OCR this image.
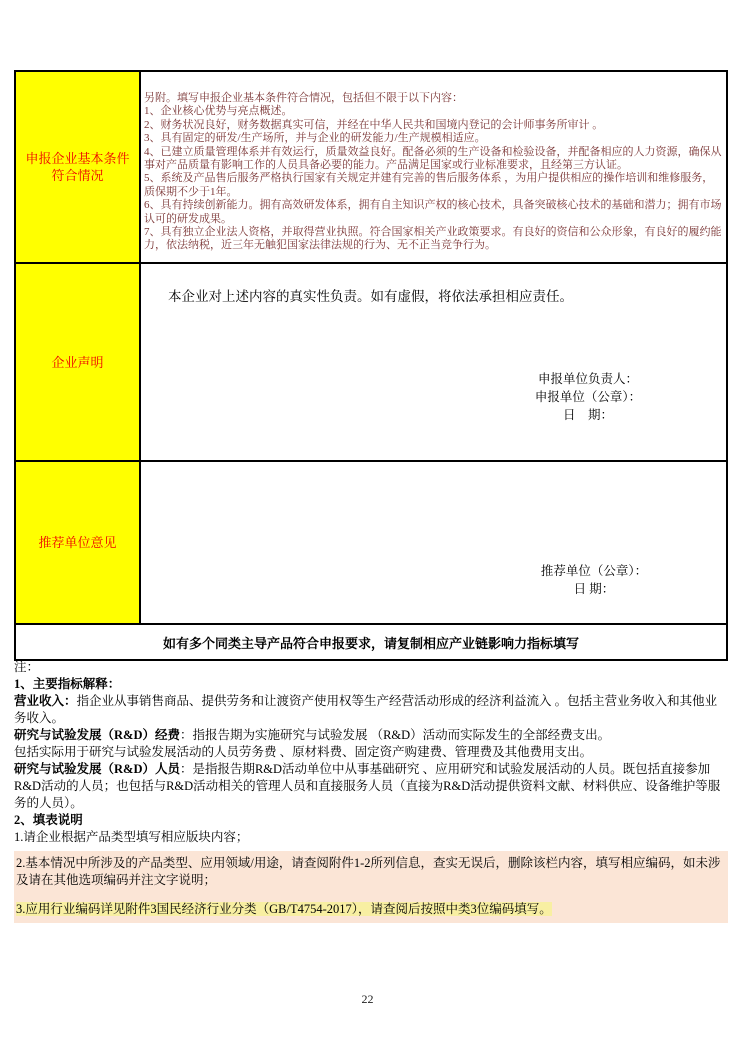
申报企业基本条件符合情况

另附。填写申报企业基本条件符合情况，包括但不限于以下内容：

1、企业核心优势与亮点概述。

2、财务状况良好，财务数据真实可信，并经在中华人民共和国境内登记的会计师事务所审计 。

3、具有固定的研发/生产场所，并与企业的研发能力/生产规模相适应。

4、已建立质量管理体系并有效运行，质量效益良好。配备必须的生产设备和检验设备，并配备相应的人力资源，确保从事对产品质量有影响工作的人员具备必要的能力。产品满足国家或行业标准要求，且经第三方认证。

5、系统及产品售后服务严格执行国家有关规定并建有完善的售后服务体系 ，为用户提供相应的操作培训和维修服务，质保期不少于1年。

6、具有持续创新能力。拥有高效研发体系，拥有自主知识产权的核心技术，具备突破核心技术的基础和潜力；拥有市场认可的研发成果。

7、具有独立企业法人资格，并取得营业执照。符合国家相关产业政策要求。有良好的资信和公众形象，有良好的履约能力，依法纳税，近三年无触犯国家法律法规的行为、无不正当竞争行为。

企业声明

本企业对上述内容的真实性负责。如有虚假，将依法承担相应责任。

申报单位负责人：

申报单位（公章）：

日　期：

推荐单位意见

推荐单位（公章）：

日 期：

如有多个同类主导产品符合申报要求，请复制相应产业链影响力指标填写

注：

1、主要指标解释：

营业收入：指企业从事销售商品、提供劳务和让渡资产使用权等生产经营活动形成的经济利益流入 。包括主营业务收入和其他业务收入。

研究与试验发展（R&D）经费：指报告期为实施研究与试验发展 （R&D）活动而实际发生的全部经费支出。

包括实际用于研究与试验发展活动的人员劳务费 、原材料费、固定资产购建费、管理费及其他费用支出。

研究与试验发展（R&D）人员：是指报告期R&D活动单位中从事基础研究 、应用研究和试验发展活动的人员。既包括直接参加R&D活动的人员；也包括与R&D活动相关的管理人员和直接服务人员（直接为R&D活动提供资料文献、材料供应、设备维护等服务的人员）。

2、填表说明

1.请企业根据产品类型填写相应版块内容；

2.基本情况中所涉及的产品类型、应用领域/用途，请查阅附件1-2所列信息，查实无误后，删除该栏内容，填写相应编码，如未涉及请在其他选项编码并注文字说明；

3.应用行业编码详见附件3国民经济行业分类（GB/T4754-2017），请查阅后按照中类3位编码填写。

22
